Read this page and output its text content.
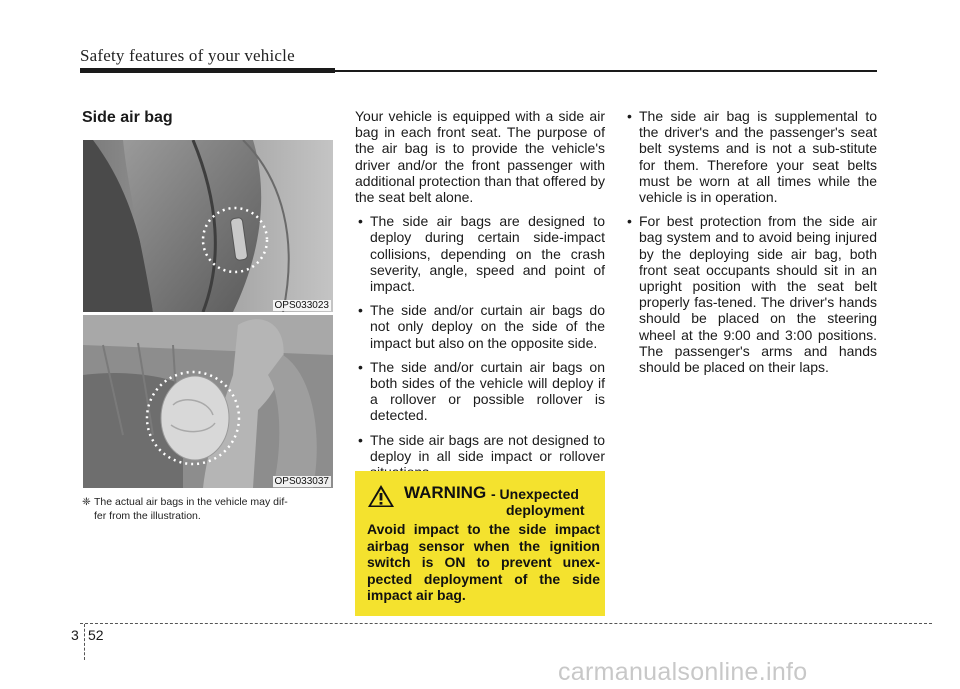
Safety features of your vehicle
Side air bag
OPS033023
OPS033037
❈ The actual air bags in the vehicle may dif-
fer from the illustration.
Your vehicle is equipped with a side air bag in each front seat. The purpose of the air bag is to provide the vehicle's driver and/or the front passenger with additional protection than that offered by the seat belt alone.
• The side air bags are designed to deploy during certain side-impact collisions, depending on the crash severity, angle, speed and point of impact.
• The side and/or curtain air bags do not only deploy on the side of the impact but also on the opposite side.
• The side and/or curtain air bags on both sides of the vehicle will deploy if a rollover or possible rollover is detected.
• The side air bags are not designed to deploy in all side impact or rollover
• The side air bag is supplemental to the driver's and the passenger's seat belt systems and is not a sub-stitute for them. Therefore your seat belts must be worn at all times while the vehicle is in operation.
• For best protection from the side air bag system and to avoid being injured by the deploying side air bag, both front seat occupants should sit in an upright position with the seat belt properly fas-tened. The driver's hands should be placed on the steering wheel at the 9:00 and 3:00 positions. The passenger's arms and hands should be placed on their laps.
WARNING - Unexpected
deployment
Avoid impact to the side impact airbag sensor when the ignition switch is ON to prevent unex-pected deployment of the side impact air bag.
3 52
carmanualsonline.info
